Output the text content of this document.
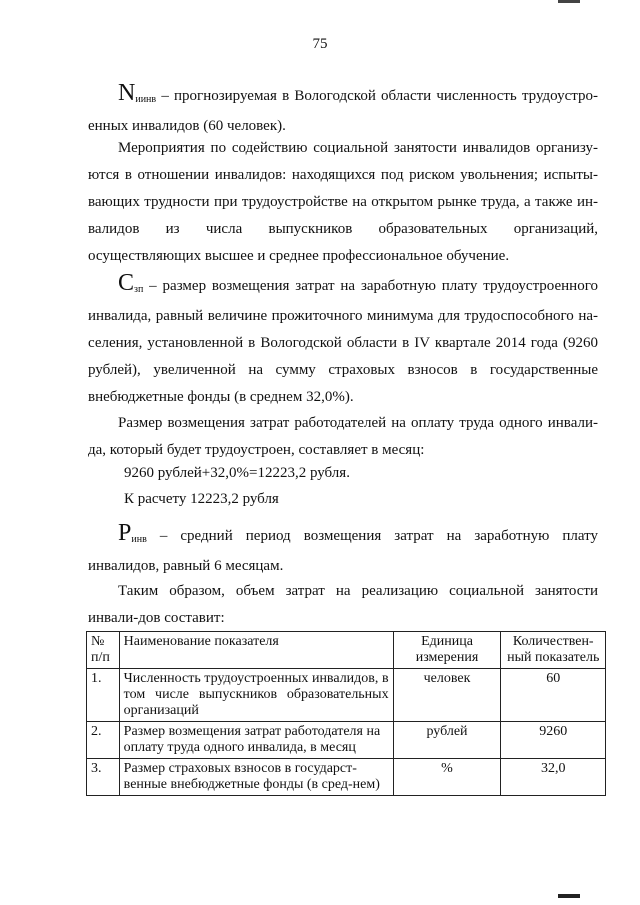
75
$N_{иинв}$ – прогнозируемая в Вологодской области численность трудоустро-енных инвалидов (60 человек).
Мероприятия по содействию социальной занятости инвалидов организу-ются в отношении инвалидов: находящихся под риском увольнения; испыты-вающих трудности при трудоустройстве на открытом рынке труда, а также ин-валидов из числа выпускников образовательных организаций, осуществляющих высшее и среднее профессиональное обучение.
$С_{зп}$ – размер возмещения затрат на заработную плату трудоустроенного инвалида, равный величине прожиточного минимума для трудоспособного на-селения, установленной в Вологодской области в IV квартале 2014 года (9260 рублей), увеличенной на сумму страховых взносов в государственные внебюджетные фонды (в среднем 32,0%).
Размер возмещения затрат работодателей на оплату труда одного инвали-да, который будет трудоустроен, составляет в месяц:
9260 рублей+32,0%=12223,2 рубля.
К расчету 12223,2 рубля
$Р_{инв}$ – средний период возмещения затрат на заработную плату инвалидов, равный 6 месяцам.
Таким образом, объем затрат на реализацию социальной занятости инвали-дов составит:
№ п/п	Наименование показателя	Единица измерения	Количествен-ный показатель
1.	Численность трудоустроенных инвалидов, в том числе выпускников образовательных организаций	человек	60
2.	Размер возмещения затрат работодателя на оплату труда одного инвалида, в месяц	рублей	9260
3.	Размер страховых взносов в государст-венные внебюджетные фонды (в сред-нем)	%	32,0
